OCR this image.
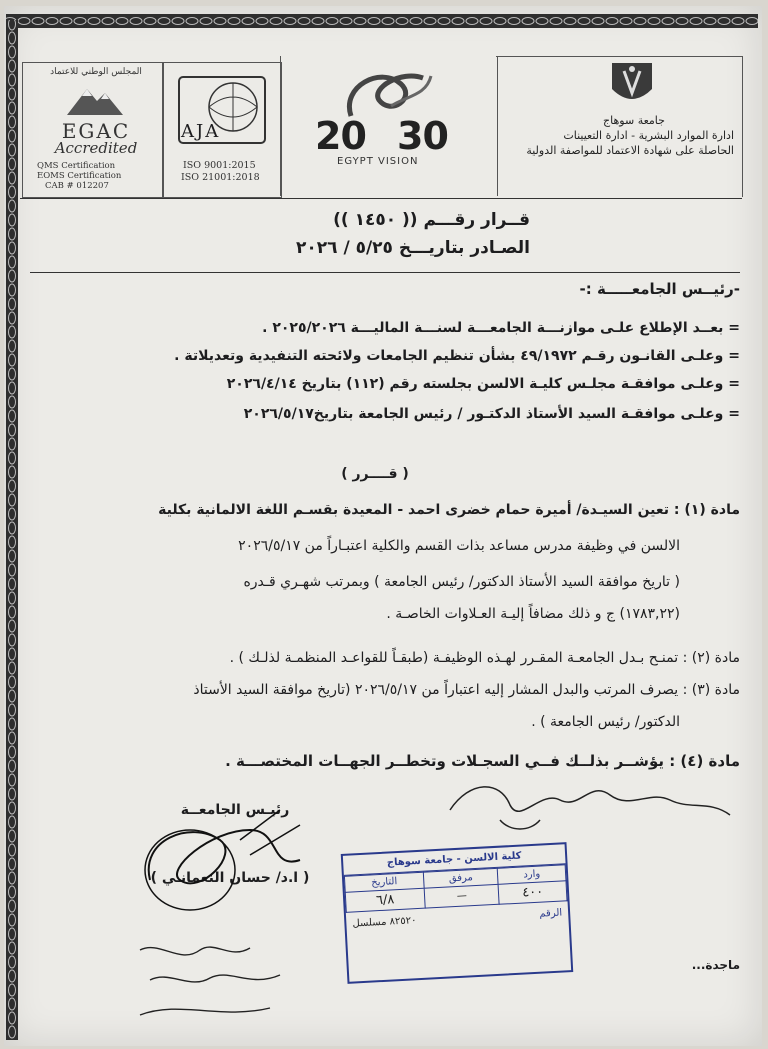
المجلس الوطني للاعتماد
EGAC
Accredited
QMS Certification
EOMS Certification
CAB # 012207
AJA
ISO 9001:2015
ISO 21001:2018
20 30
EGYPT VISION
جامعة سوهاج
ادارة الموارد البشرية - ادارة التعيينات
الحاصلة على شهادة الاعتماد للمواصفة الدولية
قــرار رقـــم (( ١٤٥٠ ))
الصـادر بتاريـــخ ٥/٢٥ / ٢٠٢٦
-رئيــس الجامعـــــة :-
= بعــد الإطلاع علـى موازنـــة الجامعـــة لسنـــة الماليـــة ٢٠٢٥/٢٠٢٦ .
= وعلـى القانـون رقـم ٤٩/١٩٧٢ بشأن تنظيم الجامعات ولائحته التنفيدية وتعديلاتة .
= وعلـى موافقـة مجلـس كليـة الالسن بجلسته رقم (١١٢) بتاريخ ٢٠٢٦/٤/١٤
= وعلـى موافقـة السيد الأستاذ الدكتـور / رئيس الجامعة بتاريخ٢٠٢٦/٥/١٧
( قــــرر )
مادة (١) : تعين السيـدة/ أميرة حمام خضرى احمد - المعيدة بقسـم اللغة الالمانية بكلية
الالسن في وظيفة مدرس مساعد بذات القسم والكلية اعتبـاراً من ٢٠٢٦/٥/١٧
( تاريخ موافقة السيد الأستاذ الدكتور/ رئيس الجامعة ) وبمرتب شهـري قـدره
(١٧٨٣,٢٢) ج و ذلك مضافاً إليـة العـلاوات الخاصـة .
مادة (٢) : تمنـح بـدل الجامعـة المقـرر لهـذه الوظيفـة (طبقـاً للقواعـد المنظمـة لذلـك ) .
مادة (٣) : يصرف المرتب والبدل المشار إليه اعتباراً من ٢٠٢٦/٥/١٧ (تاريخ موافقة السيد الأستاذ
الدكتور/ رئيس الجامعة ) .
مادة (٤) : يؤشــر بذلــك فــي السجـلات وتخطــر الجهــات المختصـــة .
رئيـس الجامعــة
( ا.د/ حسان النعمانـي )
كلية الالسن - جامعة سوهاج
وارد	مرفق	التاريخ
٤٠٠	—	٦/٨
الرقم
٨٢٥٢٠ مسلسل
ماجدة...
